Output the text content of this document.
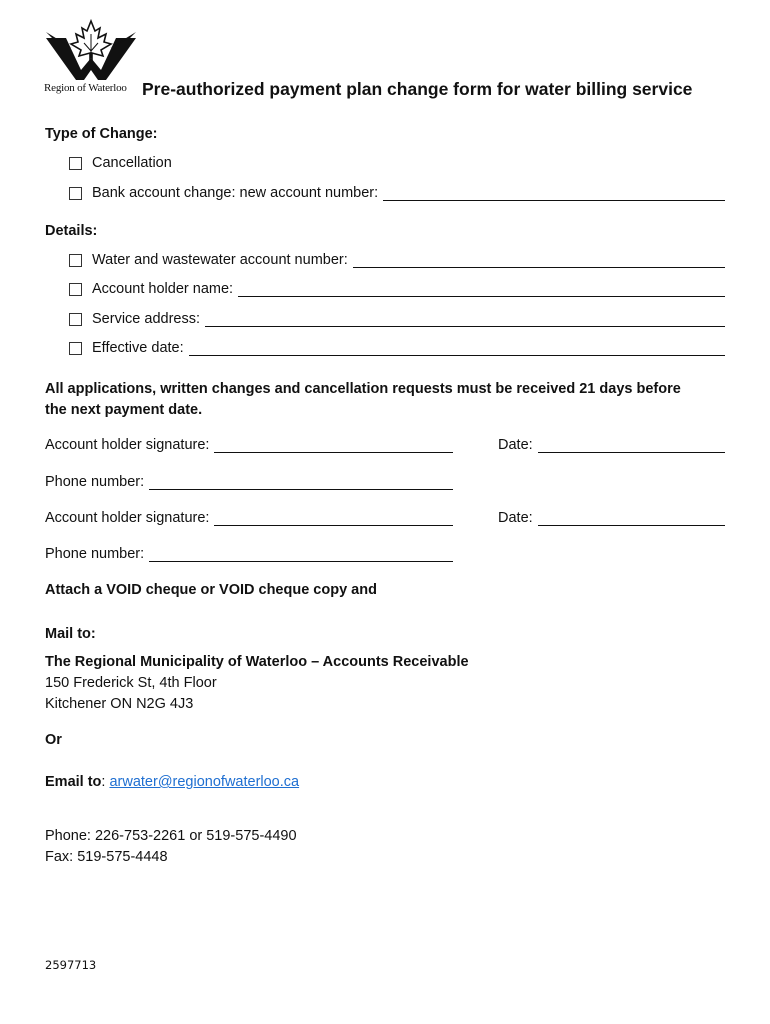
Region of Waterloo Pre-authorized payment plan change form for water billing service
Type of Change:
Cancellation
Bank account change: new account number:
Details:
Water and wastewater account number:
Account holder name:
Service address:
Effective date:
All applications, written changes and cancellation requests must be received 21 days before
the next payment date.
Account holder signature:	Date:
Phone number:
Account holder signature:	Date:
Phone number:
Attach a VOID cheque or VOID cheque copy and
Mail to:
The Regional Municipality of Waterloo – Accounts Receivable
150 Frederick St, 4th Floor
Kitchener ON N2G 4J3
Or
Email to: arwater@regionofwaterloo.ca
Phone: 226-753-2261 or 519-575-4490
Fax: 519-575-4448
2597713
